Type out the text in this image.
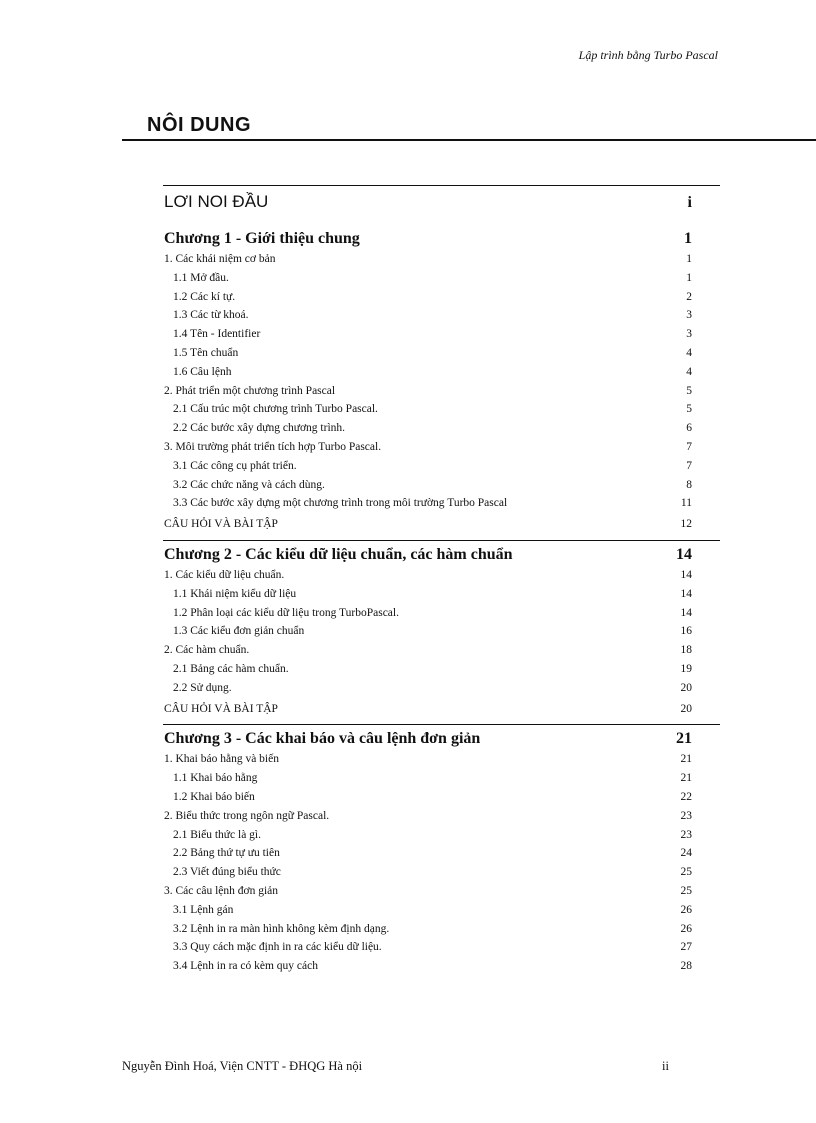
Lập trình bằng Turbo Pascal
NÔI DUNG
LƠI NOI ĐẦU	i
Chương 1 - Giới thiệu chung	1
1. Các khái niệm cơ bản	1
1.1 Mở đầu.	1
1.2 Các kí tự.	2
1.3 Các từ khoá.	3
1.4 Tên - Identifier	3
1.5 Tên chuẩn	4
1.6 Câu lệnh	4
2. Phát triển một chương trình Pascal	5
2.1 Cấu trúc một chương trình Turbo Pascal.	5
2.2 Các bước xây dựng chương trình.	6
3. Môi trường phát triển tích hợp Turbo Pascal.	7
3.1 Các công cụ phát triển.	7
3.2 Các chức năng và cách dùng.	8
3.3 Các bước xây dựng một chương trình trong môi trường Turbo Pascal	11
CÂU HỎI VÀ BÀI TẬP	12
Chương 2 - Các kiểu dữ liệu chuẩn, các hàm chuẩn	14
1. Các kiểu dữ liệu chuẩn.	14
1.1 Khái niệm kiểu dữ liệu	14
1.2 Phân loại các kiểu dữ liệu trong TurboPascal.	14
1.3 Các kiểu đơn giản chuẩn	16
2. Các hàm chuẩn.	18
2.1 Bảng các hàm chuẩn.	19
2.2 Sử dụng.	20
CÂU HỎI VÀ BÀI TẬP	20
Chương 3 - Các khai báo và câu lệnh đơn giản	21
1. Khai báo hằng và biến	21
1.1 Khai báo hằng	21
1.2 Khai báo biến	22
2. Biểu thức trong ngôn ngữ Pascal.	23
2.1 Biểu thức là gì.	23
2.2 Bảng thứ tự ưu tiên	24
2.3 Viết đúng biểu thức	25
3. Các câu lệnh đơn giản	25
3.1 Lệnh gán	26
3.2 Lệnh in ra màn hình không kèm định dạng.	26
3.3 Quy cách mặc định in ra các kiểu dữ liệu.	27
3.4 Lệnh in ra có kèm quy cách	28
Nguyễn Đình Hoá, Viện CNTT - ĐHQG Hà nội	ii
